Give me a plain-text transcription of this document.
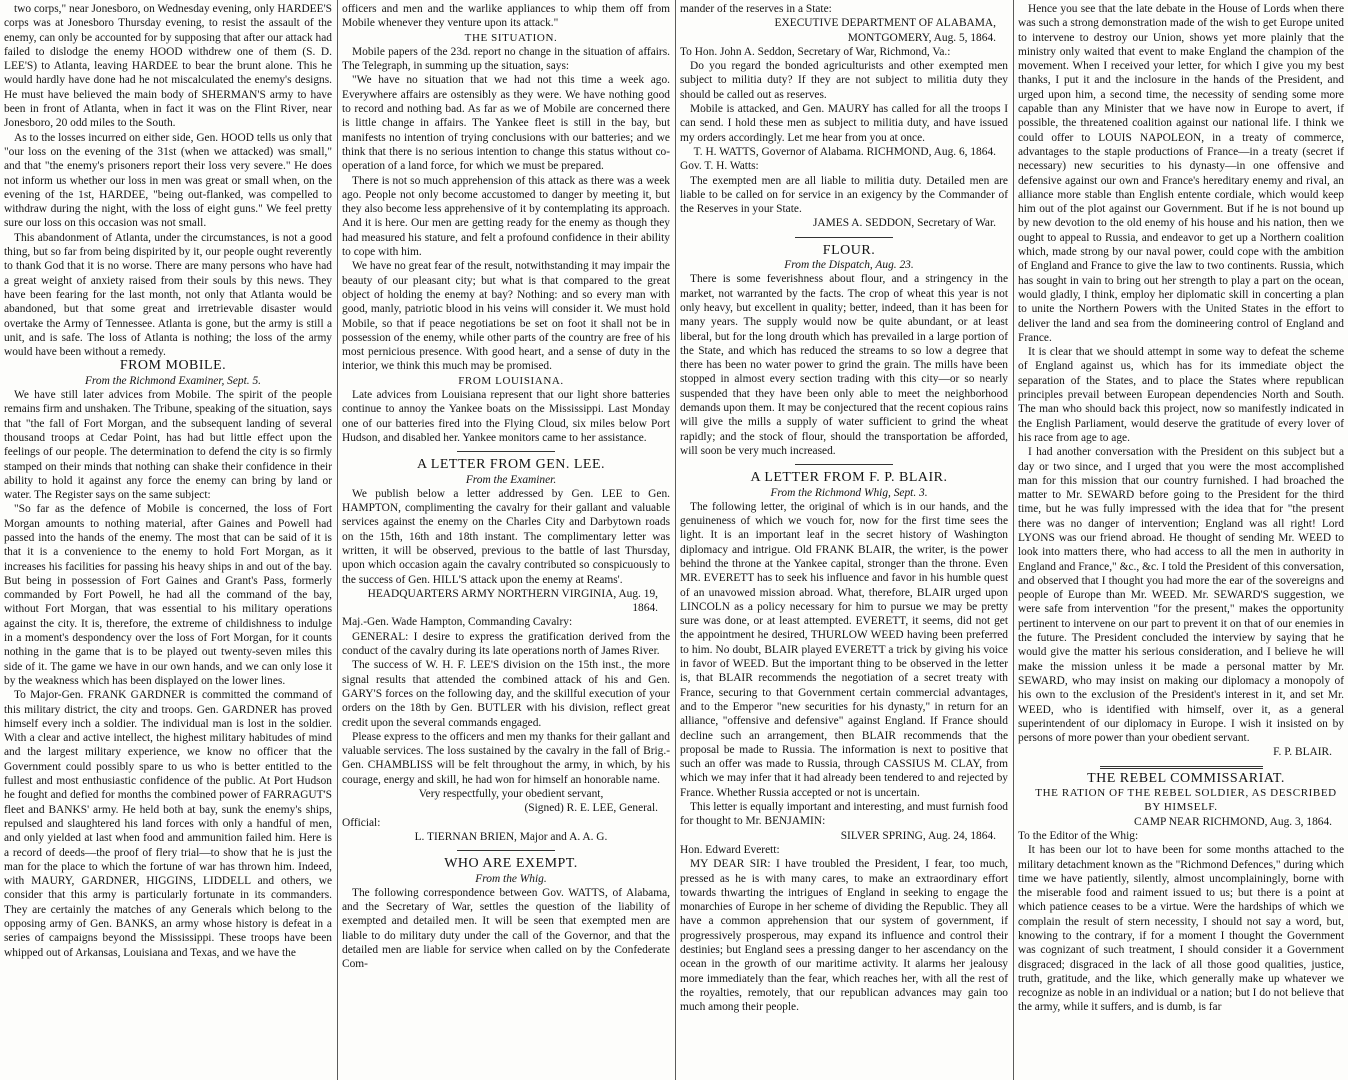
two corps," near Jonesboro, on Wednesday evening, only HARDEE'S corps was at Jonesboro Thursday evening, to resist the assault of the enemy, can only be accounted for by supposing that after our attack had failed to dislodge the enemy HOOD withdrew one of them (S. D. LEE'S) to Atlanta, leaving HARDEE to bear the brunt alone. This he would hardly have done had he not miscalculated the enemy's designs. He must have believed the main body of SHERMAN'S army to have been in front of Atlanta, when in fact it was on the Flint River, near Jonesboro, 20 odd miles to the South.

As to the losses incurred on either side, Gen. HOOD tells us only that "our loss on the evening of the 31st (when we attacked) was small," and that "the enemy's prisoners report their loss very severe." He does not inform us whether our loss in men was great or small when, on the evening of the 1st, HARDEE, "being out-flanked, was compelled to withdraw during the night, with the loss of eight guns." We feel pretty sure our loss on this occasion was not small.

This abandonment of Atlanta, under the circumstances, is not a good thing, but so far from being dispirited by it, our people ought reverently to thank God that it is no worse. There are many persons who have had a great weight of anxiety raised from their souls by this news. They have been fearing for the last month, not only that Atlanta would be abandoned, but that some great and irretrievable disaster would overtake the Army of Tennessee. Atlanta is gone, but the army is still a unit, and is safe. The loss of Atlanta is nothing; the loss of the army would have been without a remedy.

FROM MOBILE.

From the Richmond Examiner, Sept. 5.

We have still later advices from Mobile. The spirit of the people remains firm and unshaken. The Tribune, speaking of the situation, says that "the fall of Fort Morgan, and the subsequent landing of several thousand troops at Cedar Point, has had but little effect upon the feelings of our people. The determination to defend the city is so firmly stamped on their minds that nothing can shake their confidence in their ability to hold it against any force the enemy can bring by land or water. The Register says on the same subject:

"So far as the defence of Mobile is concerned, the loss of Fort Morgan amounts to nothing material, after Gaines and Powell had passed into the hands of the enemy. The most that can be said of it is that it is a convenience to the enemy to hold Fort Morgan, as it increases his facilities for passing his heavy ships in and out of the bay. But being in possession of Fort Gaines and Grant's Pass, formerly commanded by Fort Powell, he had all the command of the bay, without Fort Morgan, that was essential to his military operations against the city. It is, therefore, the extreme of childishness to indulge in a moment's despondency over the loss of Fort Morgan, for it counts nothing in the game that is to be played out twenty-seven miles this side of it. The game we have in our own hands, and we can only lose it by the weakness which has been displayed on the lower lines.

To Major-Gen. FRANK GARDNER is committed the command of this military district, the city and troops. Gen. GARDNER has proved himself every inch a soldier. The individual man is lost in the soldier. With a clear and active intellect, the highest military habitudes of mind and the largest military experience, we know no officer that the Government could possibly spare to us who is better entitled to the fullest and most enthusiastic confidence of the public. At Port Hudson he fought and defied for months the combined power of FARRAGUT'S fleet and BANKS' army. He held both at bay, sunk the enemy's ships, repulsed and slaughtered his land forces with only a handful of men, and only yielded at last when food and ammunition failed him. Here is a record of deeds—the proof of flery trial—to show that he is just the man for the place to which the fortune of war has thrown him. Indeed, with MAURY, GARDNER, HIGGINS, LIDDELL and others, we consider that this army is particularly fortunate in its commanders. They are certainly the matches of any Generals which belong to the opposing army of Gen. BANKS, an army whose history is defeat in a series of campaigns beyond the Mississippi. These troops have been whipped out of Arkansas, Louisiana and Texas, and we have the

officers and men and the warlike appliances to whip them off from Mobile whenever they venture upon its attack."

THE SITUATION.

Mobile papers of the 23d. report no change in the situation of affairs. The Telegraph, in summing up the situation, says:

"We have no situation that we had not this time a week ago. Everywhere affairs are ostensibly as they were. We have nothing good to record and nothing bad. As far as we of Mobile are concerned there is little change in affairs. The Yankee fleet is still in the bay, but manifests no intention of trying conclusions with our batteries; and we think that there is no serious intention to change this status without co-operation of a land force, for which we must be prepared.

There is not so much apprehension of this attack as there was a week ago. People not only become accustomed to danger by meeting it, but they also become less apprehensive of it by contemplating its approach. And it is here. Our men are getting ready for the enemy as though they had measured his stature, and felt a profound confidence in their ability to cope with him.

We have no great fear of the result, notwithstanding it may impair the beauty of our pleasant city; but what is that compared to the great object of holding the enemy at bay? Nothing: and so every man with good, manly, patriotic blood in his veins will consider it. We must hold Mobile, so that if peace negotiations be set on foot it shall not be in possession of the enemy, while other parts of the country are free of his most pernicious presence. With good heart, and a sense of duty in the interior, we think this much may be promised.

FROM LOUISIANA.

Late advices from Louisiana represent that our light shore batteries continue to annoy the Yankee boats on the Mississippi. Last Monday one of our batteries fired into the Flying Cloud, six miles below Port Hudson, and disabled her. Yankee monitors came to her assistance.

A LETTER FROM GEN. LEE.

From the Examiner.

We publish below a letter addressed by Gen. LEE to Gen. HAMPTON, complimenting the cavalry for their gallant and valuable services against the enemy on the Charles City and Darbytown roads on the 15th, 16th and 18th instant. The complimentary letter was written, it will be observed, previous to the battle of last Thursday, upon which occasion again the cavalry contributed so conspicuously to the success of Gen. HILL'S attack upon the enemy at Reams'.

HEADQUARTERS ARMY NORTHERN VIRGINIA, Aug. 19, 1864.

Maj.-Gen. Wade Hampton, Commanding Cavalry:

GENERAL: I desire to express the gratification derived from the conduct of the cavalry during its late operations north of James River.

The success of W. H. F. LEE'S division on the 15th inst., the more signal results that attended the combined attack of his and Gen. GARY'S forces on the following day, and the skillful execution of your orders on the 18th by Gen. BUTLER with his division, reflect great credit upon the several commands engaged.

Please express to the officers and men my thanks for their gallant and valuable services. The loss sustained by the cavalry in the fall of Brig.-Gen. CHAMBLISS will be felt throughout the army, in which, by his courage, energy and skill, he had won for himself an honorable name.

Very respectfully, your obedient servant,

(Signed) R. E. LEE, General.

Official:

L. TIERNAN BRIEN, Major and A. A. G.

WHO ARE EXEMPT.

From the Whig.

The following correspondence between Gov. WATTS, of Alabama, and the Secretary of War, settles the question of the liability of exempted and detailed men. It will be seen that exempted men are liable to do military duty under the call of the Governor, and that the detailed men are liable for service when called on by the Confederate Com-

mander of the reserves in a State:

EXECUTIVE DEPARTMENT OF ALABAMA, MONTGOMERY, Aug. 5, 1864.

To Hon. John A. Seddon, Secretary of War, Richmond, Va.:

Do you regard the bonded agriculturists and other exempted men subject to militia duty? If they are not subject to militia duty they should be called out as reserves.

Mobile is attacked, and Gen. MAURY has called for all the troops I can send. I hold these men as subject to militia duty, and have issued my orders accordingly. Let me hear from you at once.

T. H. WATTS, Governor of Alabama. RICHMOND, Aug. 6, 1864.

Gov. T. H. Watts:

The exempted men are all liable to militia duty. Detailed men are liable to be called on for service in an exigency by the Commander of the Reserves in your State.

JAMES A. SEDDON, Secretary of War.

FLOUR.

From the Dispatch, Aug. 23.

There is some feverishness about flour, and a stringency in the market, not warranted by the facts. The crop of wheat this year is not only heavy, but excellent in quality; better, indeed, than it has been for many years. The supply would now be quite abundant, or at least liberal, but for the long drouth which has prevailed in a large portion of the State, and which has reduced the streams to so low a degree that there has been no water power to grind the grain. The mills have been stopped in almost every section trading with this city—or so nearly suspended that they have been only able to meet the neighborhood demands upon them. It may be conjectured that the recent copious rains will give the mills a supply of water sufficient to grind the wheat rapidly; and the stock of flour, should the transportation be afforded, will soon be very much increased.

A LETTER FROM F. P. BLAIR.

From the Richmond Whig, Sept. 3.

The following letter, the original of which is in our hands, and the genuineness of which we vouch for, now for the first time sees the light. It is an important leaf in the secret history of Washington diplomacy and intrigue. Old FRANK BLAIR, the writer, is the power behind the throne at the Yankee capital, stronger than the throne. Even MR. EVERETT has to seek his influence and favor in his humble quest of an unavowed mission abroad. What, therefore, BLAIR urged upon LINCOLN as a policy necessary for him to pursue we may be pretty sure was done, or at least attempted. EVERETT, it seems, did not get the appointment he desired, THURLOW WEED having been preferred to him. No doubt, BLAIR played EVERETT a trick by giving his voice in favor of WEED. But the important thing to be observed in the letter is, that BLAIR recommends the negotiation of a secret treaty with France, securing to that Government certain commercial advantages, and to the Emperor "new securities for his dynasty," in return for an alliance, "offensive and defensive" against England. If France should decline such an arrangement, then BLAIR recommends that the proposal be made to Russia. The information is next to positive that such an offer was made to Russia, through CASSIUS M. CLAY, from which we may infer that it had already been tendered to and rejected by France. Whether Russia accepted or not is uncertain.

This letter is equally important and interesting, and must furnish food for thought to Mr. BENJAMIN:

SILVER SPRING, Aug. 24, 1864.

Hon. Edward Everett:

MY DEAR SIR: I have troubled the President, I fear, too much, pressed as he is with many cares, to make an extraordinary effort towards thwarting the intrigues of England in seeking to engage the monarchies of Europe in her scheme of dividing the Republic. They all have a common apprehension that our system of government, if progressively prosperous, may expand its influence and control their destinies; but England sees a pressing danger to her ascendancy on the ocean in the growth of our maritime activity. It alarms her jealousy more immediately than the fear, which reaches her, with all the rest of the royalties, remotely, that our republican advances may gain too much among their people.

Hence you see that the late debate in the House of Lords when there was such a strong demonstration made of the wish to get Europe united to intervene to destroy our Union, shows yet more plainly that the ministry only waited that event to make England the champion of the movement. When I received your letter, for which I give you my best thanks, I put it and the inclosure in the hands of the President, and urged upon him, a second time, the necessity of sending some more capable than any Minister that we have now in Europe to avert, if possible, the threatened coalition against our national life. I think we could offer to LOUIS NAPOLEON, in a treaty of commerce, advantages to the staple productions of France—in a treaty (secret if necessary) new securities to his dynasty—in one offensive and defensive against our own and France's hereditary enemy and rival, an alliance more stable than English entente cordiale, which would keep him out of the plot against our Government. But if he is not bound up by new devotion to the old enemy of his house and his nation, then we ought to appeal to Russia, and endeavor to get up a Northern coalition which, made strong by our naval power, could cope with the ambition of England and France to give the law to two continents. Russia, which has sought in vain to bring out her strength to play a part on the ocean, would gladly, I think, employ her diplomatic skill in concerting a plan to unite the Northern Powers with the United States in the effort to deliver the land and sea from the domineering control of England and France.

It is clear that we should attempt in some way to defeat the scheme of England against us, which has for its immediate object the separation of the States, and to place the States where republican principles prevail between European dependencies North and South. The man who should back this project, now so manifestly indicated in the English Parliament, would deserve the gratitude of every lover of his race from age to age.

I had another conversation with the President on this subject but a day or two since, and I urged that you were the most accomplished man for this mission that our country furnished. I had broached the matter to Mr. SEWARD before going to the President for the third time, but he was fully impressed with the idea that for "the present there was no danger of intervention; England was all right! Lord LYONS was our friend abroad. He thought of sending Mr. WEED to look into matters there, who had access to all the men in authority in England and France," &c., &c. I told the President of this conversation, and observed that I thought you had more the ear of the sovereigns and people of Europe than Mr. WEED. Mr. SEWARD'S suggestion, we were safe from intervention "for the present," makes the opportunity pertinent to intervene on our part to prevent it on that of our enemies in the future. The President concluded the interview by saying that he would give the matter his serious consideration, and I believe he will make the mission unless it be made a personal matter by Mr. SEWARD, who may insist on making our diplomacy a monopoly of his own to the exclusion of the President's interest in it, and set Mr. WEED, who is identified with himself, over it, as a general superintendent of our diplomacy in Europe. I wish it insisted on by persons of more power than your obedient servant.

F. P. BLAIR.

THE REBEL COMMISSARIAT.

THE RATION OF THE REBEL SOLDIER, AS DESCRIBED BY HIMSELF.

CAMP NEAR RICHMOND, Aug. 3, 1864.

To the Editor of the Whig:

It has been our lot to have been for some months attached to the military detachment known as the "Richmond Defences," during which time we have patiently, silently, almost uncomplainingly, borne with the miserable food and raiment issued to us; but there is a point at which patience ceases to be a virtue. Were the hardships of which we complain the result of stern necessity, I should not say a word, but, knowing to the contrary, if for a moment I thought the Government was cognizant of such treatment, I should consider it a Government disgraced; disgraced in the lack of all those good qualities, justice, truth, gratitude, and the like, which generally make up whatever we recognize as noble in an individual or a nation; but I do not believe that the army, while it suffers, and is dumb, is far
